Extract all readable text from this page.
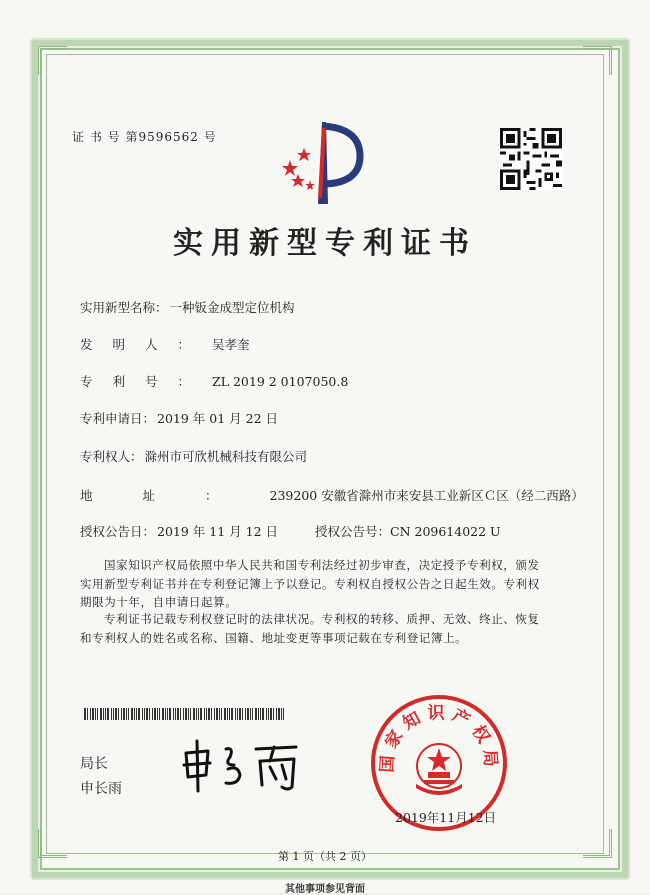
证 书 号 第9596562 号
实用新型专利证书
实用新型名称： 一种钣金成型定位机构
发明人： 吴孝奎
专利号： ZL 2019 2 0107050.8
专利申请日： 2019 年 01 月 22 日
专利权人： 滁州市可欣机械科技有限公司
地址： 239200 安徽省滁州市来安县工业新区Ｃ区（经二西路）
授权公告日： 2019 年 11 月 12 日	授权公告号：CN 209614022 U
国家知识产权局依照中华人民共和国专利法经过初步审查，决定授予专利权，颁发实用新型专利证书并在专利登记簿上予以登记。专利权自授权公告之日起生效。专利权期限为十年，自申请日起算。
专利证书记载专利权登记时的法律状况。专利权的转移、质押、无效、终止、恢复和专利权人的姓名或名称、国籍、地址变更等事项记载在专利登记簿上。
局长
申长雨
国家知识产权局
2019年11月12日
第 1 页（共 2 页）
其他事项参见背面
